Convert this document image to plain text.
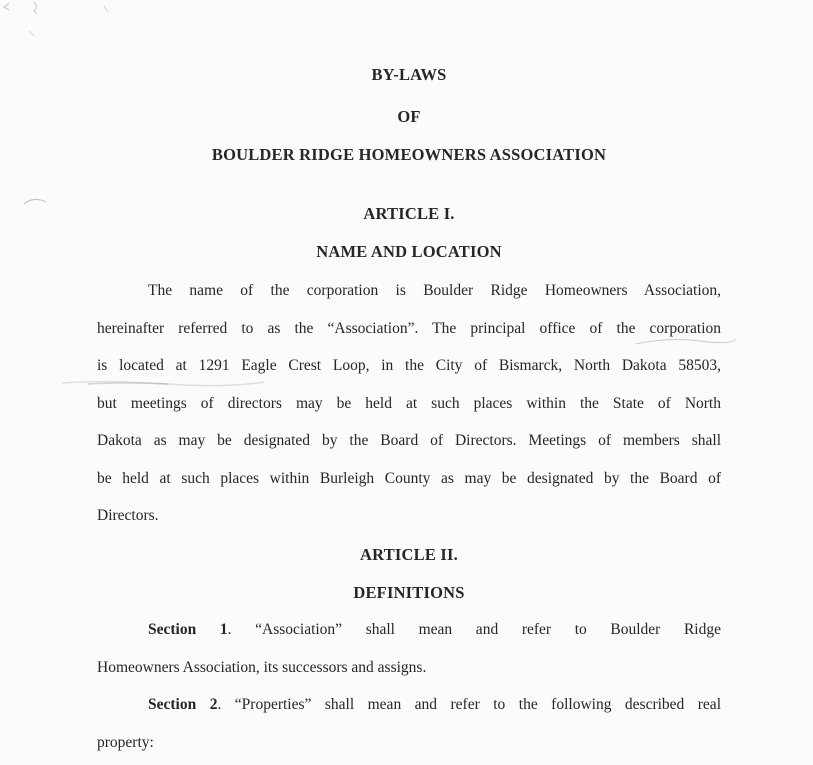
BY-LAWS
OF
BOULDER RIDGE HOMEOWNERS ASSOCIATION
ARTICLE I.
NAME AND LOCATION
The name of the corporation is Boulder Ridge Homeowners Association,
hereinafter referred to as the “Association”. The principal office of the corporation
is located at 1291 Eagle Crest Loop, in the City of Bismarck, North Dakota 58503,
but meetings of directors may be held at such places within the State of North
Dakota as may be designated by the Board of Directors. Meetings of members shall
be held at such places within Burleigh County as may be designated by the Board of
Directors.
ARTICLE II.
DEFINITIONS
Section 1. “Association” shall mean and refer to Boulder Ridge
Homeowners Association, its successors and assigns.
Section 2. “Properties” shall mean and refer to the following described real
property:
